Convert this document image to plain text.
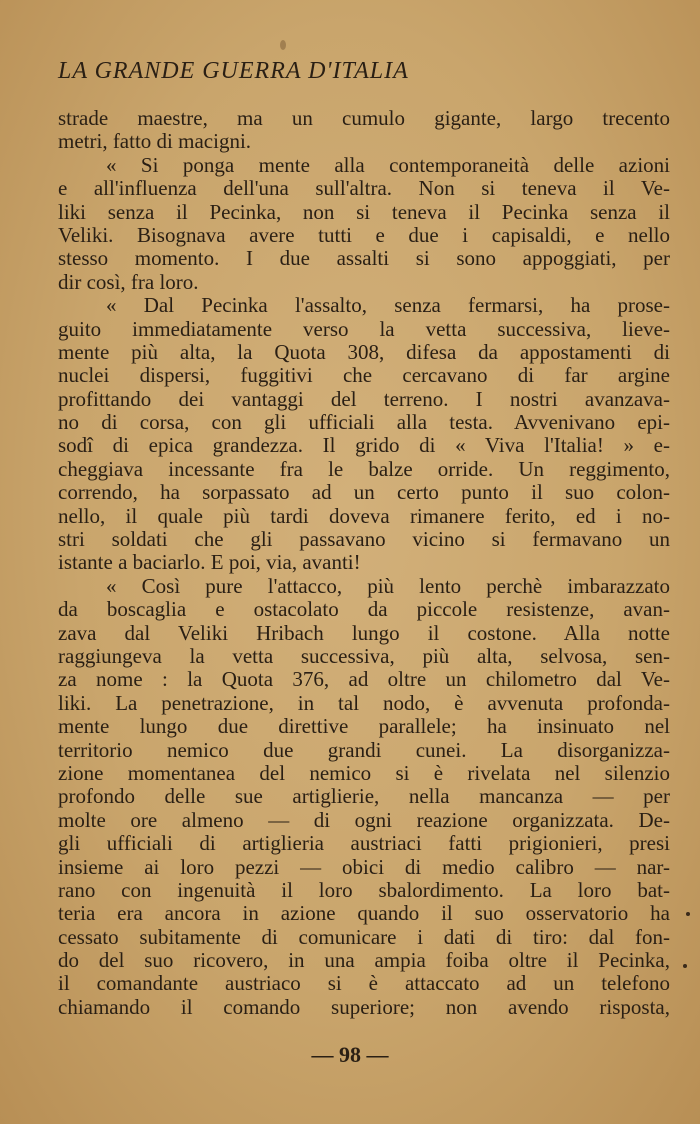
LA GRANDE GUERRA D'ITALIA
strade maestre, ma un cumulo gigante, largo trecento
metri, fatto di macigni.
« Si ponga mente alla contemporaneità delle azioni
e all'influenza dell'una sull'altra. Non si teneva il Ve-
liki senza il Pecinka, non si teneva il Pecinka senza il
Veliki. Bisognava avere tutti e due i capisaldi, e nello
stesso momento. I due assalti si sono appoggiati, per
dir così, fra loro.
« Dal Pecinka l'assalto, senza fermarsi, ha prose-
guito immediatamente verso la vetta successiva, lieve-
mente più alta, la Quota 308, difesa da appostamenti di
nuclei dispersi, fuggitivi che cercavano di far argine
profittando dei vantaggi del terreno. I nostri avanzava-
no di corsa, con gli ufficiali alla testa. Avvenivano epi-
sodî di epica grandezza. Il grido di « Viva l'Italia! » e-
cheggiava incessante fra le balze orride. Un reggimento,
correndo, ha sorpassato ad un certo punto il suo colon-
nello, il quale più tardi doveva rimanere ferito, ed i no-
stri soldati che gli passavano vicino si fermavano un
istante a baciarlo. E poi, via, avanti!
« Così pure l'attacco, più lento perchè imbarazzato
da boscaglia e ostacolato da piccole resistenze, avan-
zava dal Veliki Hribach lungo il costone. Alla notte
raggiungeva la vetta successiva, più alta, selvosa, sen-
za nome : la Quota 376, ad oltre un chilometro dal Ve-
liki. La penetrazione, in tal nodo, è avvenuta profonda-
mente lungo due direttive parallele; ha insinuato nel
territorio nemico due grandi cunei. La disorganizza-
zione momentanea del nemico si è rivelata nel silenzio
profondo delle sue artiglierie, nella mancanza — per
molte ore almeno — di ogni reazione organizzata. De-
gli ufficiali di artiglieria austriaci fatti prigionieri, presi
insieme ai loro pezzi — obici di medio calibro — nar-
rano con ingenuità il loro sbalordimento. La loro bat-
teria era ancora in azione quando il suo osservatorio ha
cessato subitamente di comunicare i dati di tiro: dal fon-
do del suo ricovero, in una ampia foiba oltre il Pecinka,
il comandante austriaco si è attaccato ad un telefono
chiamando il comando superiore; non avendo risposta,
— 98 —
